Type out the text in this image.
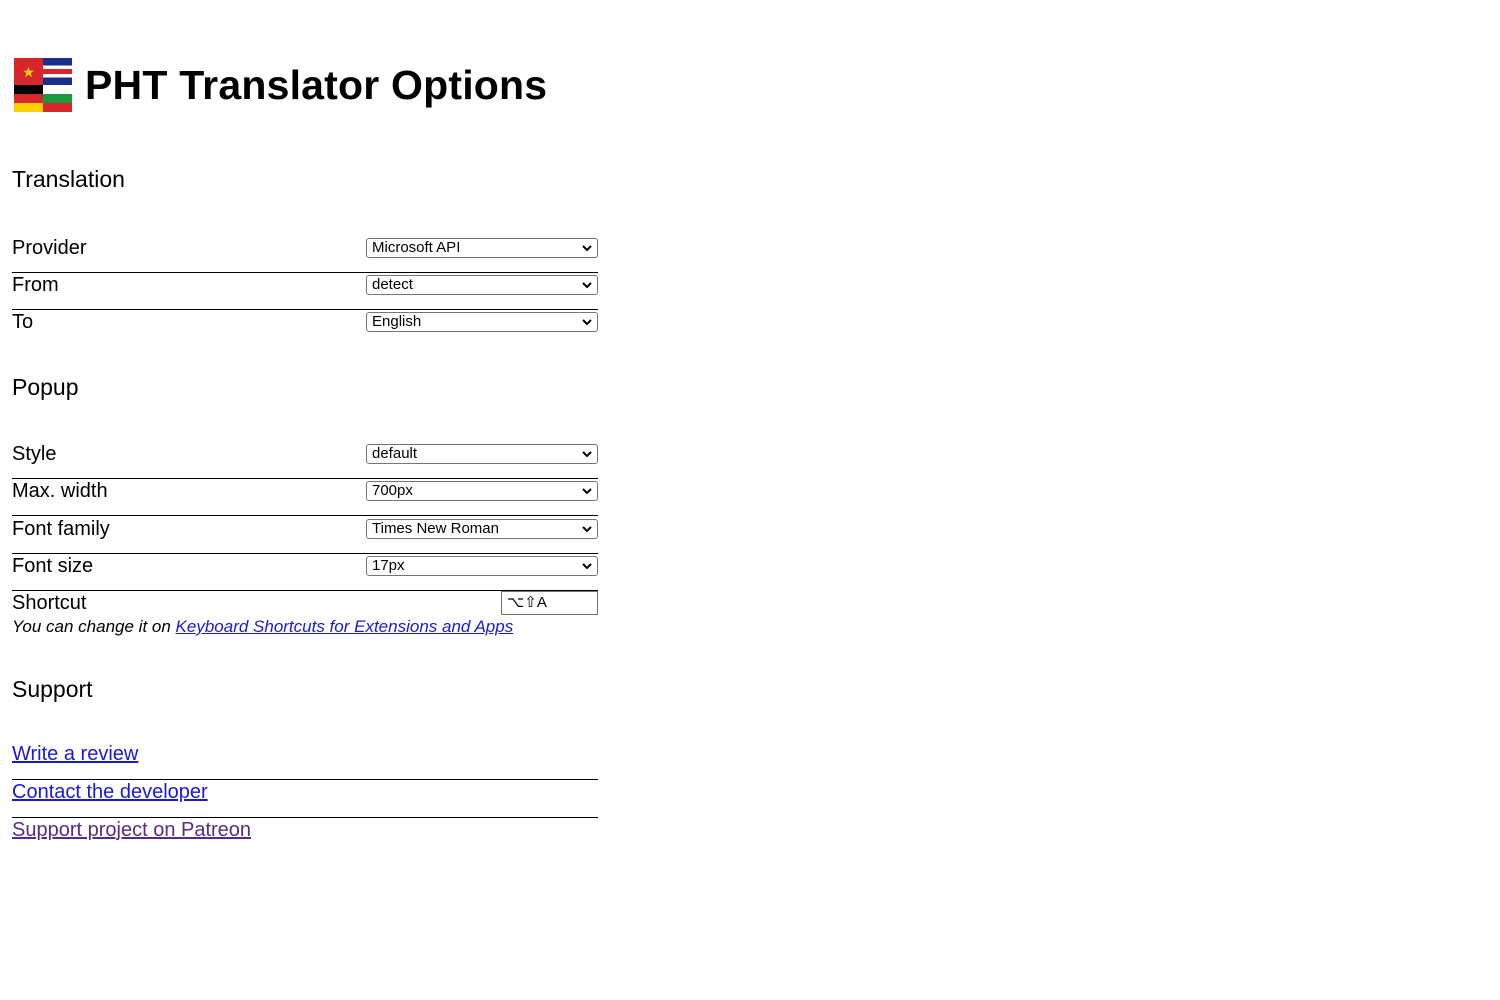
★
PHT Translator Options
Translation
Provider	Microsoft API
From	detect
To	English
Popup
Style	default
Max. width	700px
Font family	Times New Roman
Font size	17px
Shortcut	⌥⇧A
You can change it on Keyboard Shortcuts for Extensions and Apps
Support
Write a review
Contact the developer
Support project on Patreon
